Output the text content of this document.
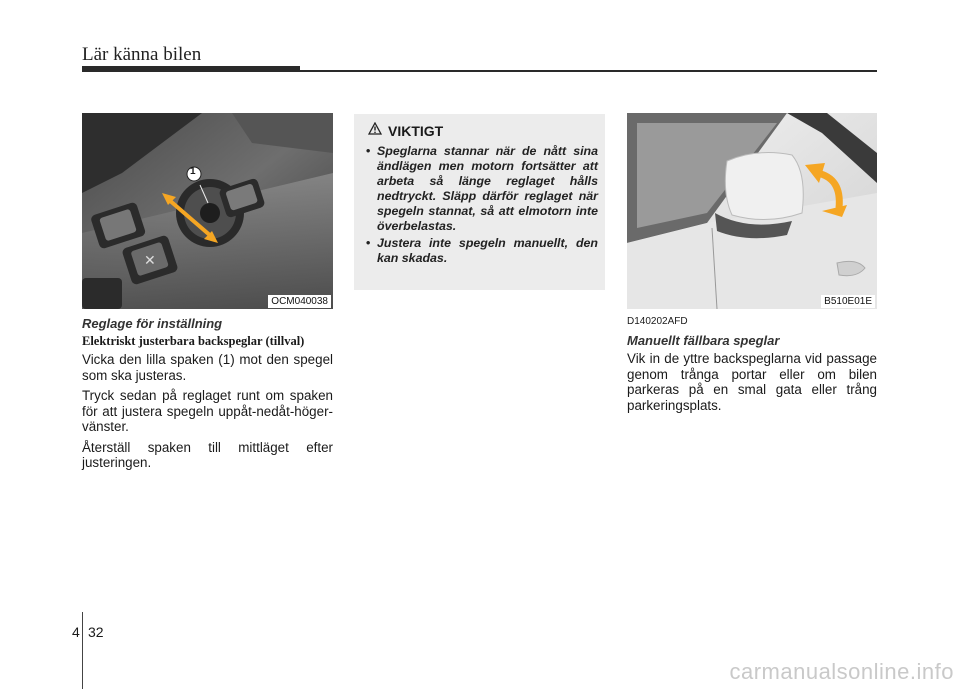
Lär känna bilen
✕
1
OCM040038
Reglage för inställning
Elektriskt justerbara backspeglar (tillval)

Vicka den lilla spaken (1) mot den spegel som ska justeras.

Tryck sedan på reglaget runt om spaken för att justera spegeln uppåt-nedåt-höger-vänster.

Återställ spaken till mittläget efter justeringen.

VIKTIGT
• Speglarna stannar när de nått sina ändlägen men motorn fortsätter att arbeta så länge reglaget hålls nedtryckt. Släpp därför reglaget när spegeln stannat, så att elmotorn inte överbelastas.
• Justera inte spegeln manuellt, den kan skadas.
B510E01E
D140202AFD
Manuellt fällbara speglar

Vik in de yttre backspeglarna vid passage genom trånga portar eller om bilen parkeras på en smal gata eller trång parkeringsplats.

4 32
carmanualsonline.info
